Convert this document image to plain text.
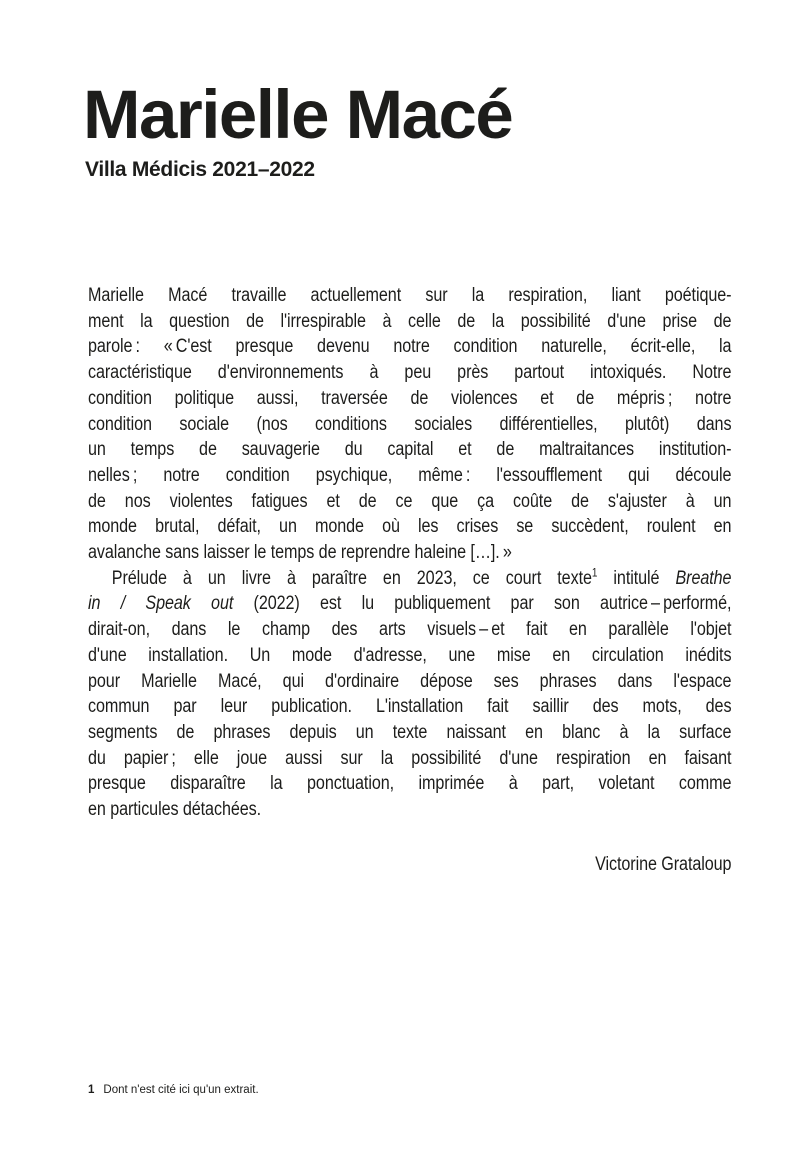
Marielle Macé
Villa Médicis 2021–2022
Marielle Macé travaille actuellement sur la respiration, liant poétique-
ment la question de l'irrespirable à celle de la possibilité d'une prise de
parole : « C'est presque devenu notre condition naturelle, écrit-elle, la
caractéristique d'environnements à peu près partout intoxiqués. Notre
condition politique aussi, traversée de violences et de mépris ; notre
condition sociale (nos conditions sociales différentielles, plutôt) dans
un temps de sauvagerie du capital et de maltraitances institution-
nelles ; notre condition psychique, même : l'essoufflement qui découle
de nos violentes fatigues et de ce que ça coûte de s'ajuster à un
monde brutal, défait, un monde où les crises se succèdent, roulent en
avalanche sans laisser le temps de reprendre haleine […]. »
Prélude à un livre à paraître en 2023, ce court texte$^1$ intitulé Breathe
in / Speak out (2022) est lu publiquement par son autrice – performé,
dirait-on, dans le champ des arts visuels – et fait en parallèle l'objet
d'une installation. Un mode d'adresse, une mise en circulation inédits
pour Marielle Macé, qui d'ordinaire dépose ses phrases dans l'espace
commun par leur publication. L'installation fait saillir des mots, des
segments de phrases depuis un texte naissant en blanc à la surface
du papier ; elle joue aussi sur la possibilité d'une respiration en faisant
presque disparaître la ponctuation, imprimée à part, voletant comme
en particules détachées.
Victorine Grataloup
1 Dont n'est cité ici qu'un extrait.
